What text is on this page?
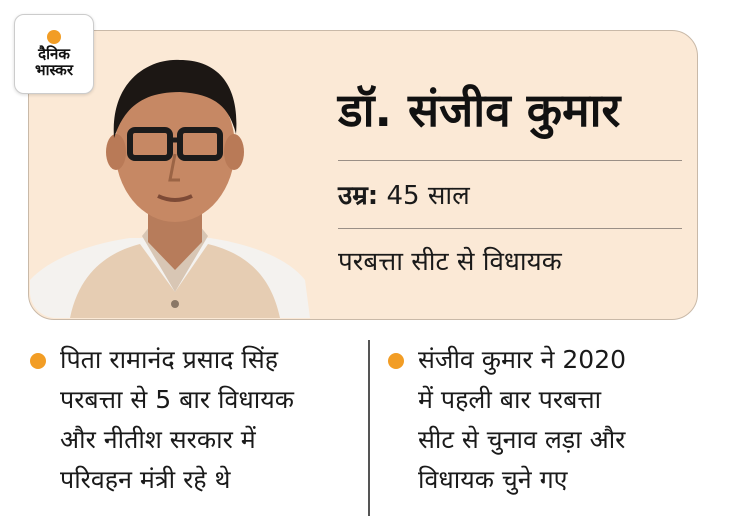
दैनिक
भास्कर
डॉ. संजीव कुमार
उम्र: 45 साल
परबत्ता सीट से विधायक
पिता रामानंद प्रसाद सिंह
परबत्ता से 5 बार विधायक
और नीतीश सरकार में
परिवहन मंत्री रहे थे
संजीव कुमार ने 2020
में पहली बार परबत्ता
सीट से चुनाव लड़ा और
विधायक चुने गए
